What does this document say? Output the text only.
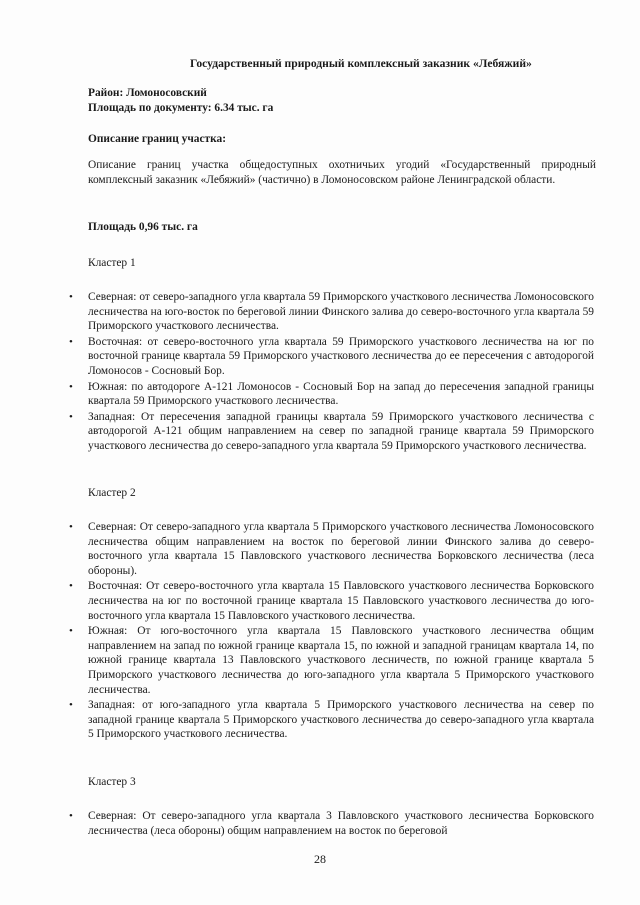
Государственный природный комплексный заказник «Лебяжий»
Район: Ломоносовский
Площадь по документу: 6.34 тыс. га
Описание границ участка:
Описание границ участка общедоступных охотничьих угодий «Государственный природный комплексный заказник «Лебяжий» (частично) в Ломоносовском районе Ленинградской области.
Площадь 0,96 тыс. га
Кластер 1
• Северная: от северо-западного угла квартала 59 Приморского участкового лесничества Ломоносовского лесничества на юго-восток по береговой линии Финского залива до северо-восточного угла квартала 59 Приморского участкового лесничества.
• Восточная: от северо-восточного угла квартала 59 Приморского участкового лесничества на юг по восточной границе квартала 59 Приморского участкового лесничества до ее пересечения с автодорогой Ломоносов - Сосновый Бор.
• Южная: по автодороге А-121 Ломоносов - Сосновый Бор на запад до пересечения западной границы квартала 59 Приморского участкового лесничества.
• Западная: От пересечения западной границы квартала 59 Приморского участкового лесничества с автодорогой А-121 общим направлением на север по западной границе квартала 59 Приморского участкового лесничества до северо-западного угла квартала 59 Приморского участкового лесничества.
Кластер 2
• Северная: От северо-западного угла квартала 5 Приморского участкового лесничества Ломоносовского лесничества общим направлением на восток по береговой линии Финского залива до северо-восточного угла квартала 15 Павловского участкового лесничества Борковского лесничества (леса обороны).
• Восточная: От северо-восточного угла квартала 15 Павловского участкового лесничества Борковского лесничества на юг по восточной границе квартала 15 Павловского участкового лесничества до юго-восточного угла квартала 15 Павловского участкового лесничества.
• Южная: От юго-восточного угла квартала 15 Павловского участкового лесничества общим направлением на запад по южной границе квартала 15, по южной и западной границам квартала 14, по южной границе квартала 13 Павловского участкового лесничеств, по южной границе квартала 5 Приморского участкового лесничества до юго-западного угла квартала 5 Приморского участкового лесничества.
• Западная: от юго-западного угла квартала 5 Приморского участкового лесничества на север по западной границе квартала 5 Приморского участкового лесничества до северо-западного угла квартала 5 Приморского участкового лесничества.
Кластер 3
• Северная: От северо-западного угла квартала 3 Павловского участкового лесничества Борковского лесничества (леса обороны) общим направлением на восток по береговой
28
